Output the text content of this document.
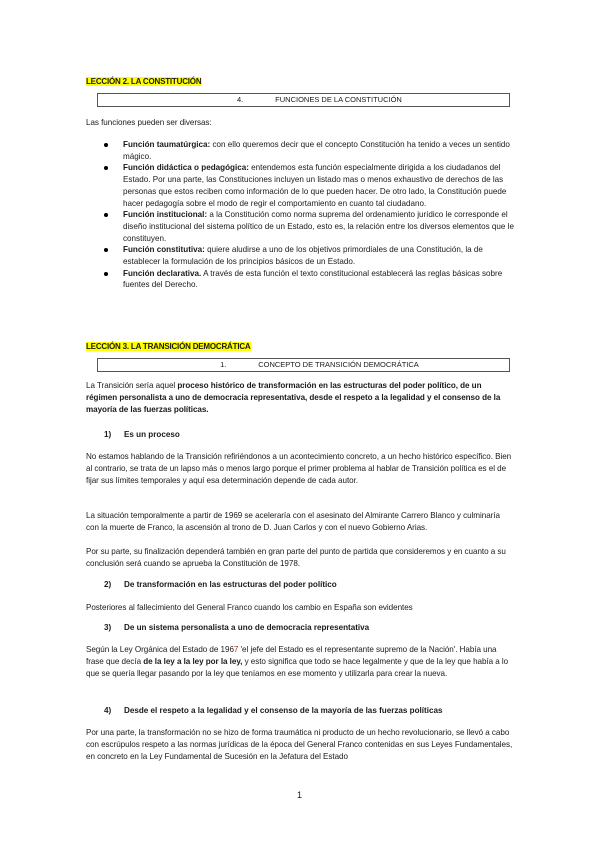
LECCIÓN 2. LA CONSTITUCIÓN
4.	FUNCIONES DE LA CONSTITUCIÓN

Las funciones pueden ser diversas:

Función taumatúrgica: con ello queremos decir que el concepto Constitución ha tenido a veces un sentido mágico.
Función didáctica o pedagógica: entendemos esta función especialmente dirigida a los ciudadanos del Estado. Por una parte, las Constituciones incluyen un listado mas o menos exhaustivo de derechos de las personas que estos reciben como información de lo que pueden hacer. De otro lado, la Constitución puede hacer pedagogía sobre el modo de regir el comportamiento en cuanto tal ciudadano.
Función institucional: a la Constitución como norma suprema del ordenamiento jurídico le corresponde el diseño institucional del sistema político de un Estado, esto es, la relación entre los diversos elementos que le constituyen.
Función constitutiva: quiere aludirse a uno de los objetivos primordiales de una Constitución, la de establecer la formulación de los principios básicos de un Estado.
Función declarativa. A través de esta función el texto constitucional establecerá las reglas básicas sobre fuentes del Derecho.
LECCIÓN 3. LA TRANSICIÓN DEMOCRÁTICA
1.	CONCEPTO DE TRANSICIÓN DEMOCRÁTICA

La Transición sería aquel proceso histórico de transformación en las estructuras del poder político, de un régimen personalista a uno de democracia representativa, desde el respeto a la legalidad y el consenso de la mayoría de las fuerzas políticas.

1) Es un proceso

No estamos hablando de la Transición refiriéndonos a un acontecimiento concreto, a un hecho histórico específico. Bien al contrario, se trata de un lapso más o menos largo porque el primer problema al hablar de Transición política es el de fijar sus límites temporales y aquí esa determinación depende de cada autor.

La situación temporalmente a partir de 1969 se aceleraría con el asesinato del Almirante Carrero Blanco y culminaría con la muerte de Franco, la ascensión al trono de D. Juan Carlos y con el nuevo Gobierno Arias.

Por su parte, su finalización dependerá también en gran parte del punto de partida que consideremos y en cuanto a su conclusión será cuando se aprueba la Constitución de 1978.

2) De transformación en las estructuras del poder político

Posteriores al fallecimiento del General Franco cuando los cambio en España son evidentes

3) De un sistema personalista a uno de democracia representativa

Según la Ley Orgánica del Estado de 1967 'el jefe del Estado es el representante supremo de la Nación'. Había una frase que decía de la ley a la ley por la ley, y esto significa que todo se hace legalmente y que de la ley que había a lo que se quería llegar pasando por la ley que teníamos en ese momento y utilizarla para crear la nueva.

4) Desde el respeto a la legalidad y el consenso de la mayoría de las fuerzas políticas

Por una parte, la transformación no se hizo de forma traumática ni producto de un hecho revolucionario, se llevó a cabo con escrúpulos respeto a las normas jurídicas de la época del General Franco contenidas en sus Leyes Fundamentales, en concreto en la Ley Fundamental de Sucesión en la Jefatura del Estado

1
